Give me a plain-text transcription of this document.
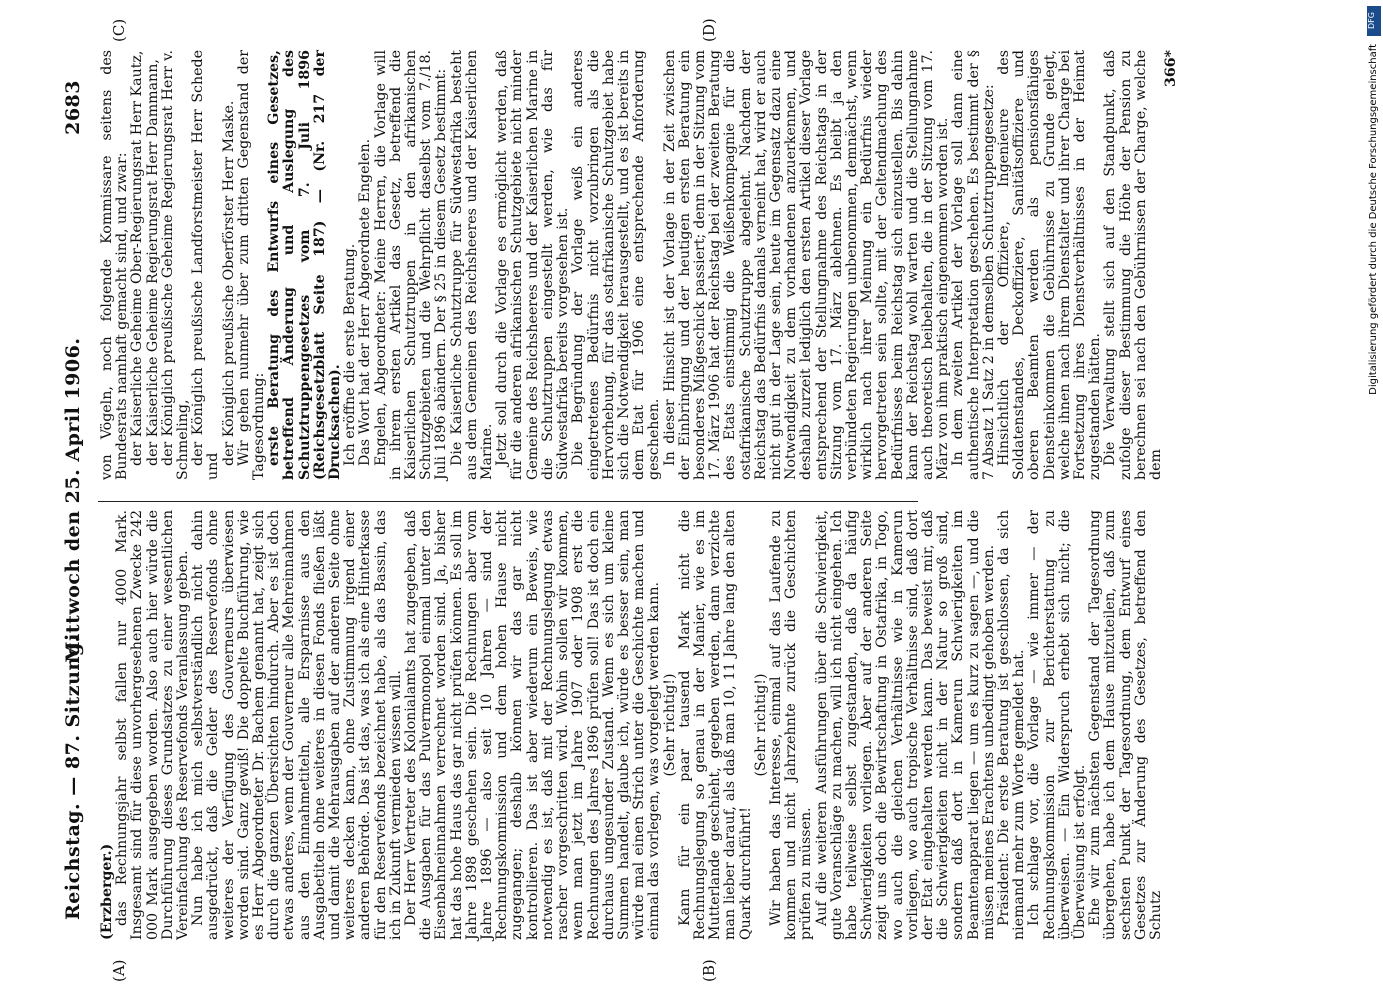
Reichstag. — 87. Sitzung.
Mittwoch den 25. April 1906.
2683
(A)	(B)
(C)	(D)

(Erzberger.) das Rechnungsjahr selbst fallen nur 4000 Mark. Insgesamt sind für diese unvorhergesehenen Zwecke 242 000 Mark ausgegeben worden. Also auch hier würde die Durchführung dieses Grundsatzes zu einer wesentlichen Vereinfachung des Reservefonds Veranlassung geben. Nun habe ich mich selbstverständlich nicht dahin ausgedrückt, daß die Gelder des Reservefonds ohne weiteres der Verfügung des Gouverneurs überwiesen worden sind. Ganz gewiß! Die doppelte Buchführung, wie es Herr Abgeordneter Dr. Bachem genannt hat, zeigt sich durch die ganzen Übersichten hindurch. Aber es ist doch etwas anderes, wenn der Gouverneur alle Mehreinnahmen aus den Einnahmetiteln, alle Ersparnisse aus den Ausgabetiteln ohne weiteres in diesen Fonds fließen läßt und damit die Mehrausgaben auf der anderen Seite ohne weiteres decken kann, ohne Zustimmung irgend einer anderen Behörde. Das ist das, was ich als eine Hinterkasse für den Reservefonds bezeichnet habe, als das Bassin, das ich in Zukunft vermieden wissen will. Der Herr Vertreter des Kolonialamts hat zugegeben, daß die Ausgaben für das Pulvermonopol einmal unter den Eisenbahneinnahmen verrechnet worden sind. Ja, bisher hat das hohe Haus das gar nicht prüfen können. Es soll im Jahre 1898 geschehen sein. Die Rechnungen aber vom Jahre 1896 — also seit 10 Jahren — sind der Rechnungskommission und dem hohen Hause nicht zugegangen; deshalb können wir das gar nicht kontrollieren. Das ist aber wiederum ein Beweis, wie notwendig es ist, daß mit der Rechnungslegung etwas rascher vorgeschritten wird. Wohin sollen wir kommen, wenn man jetzt im Jahre 1907 oder 1908 erst die Rechnungen des Jahres 1896 prüfen soll! Das ist doch ein durchaus ungesunder Zustand. Wenn es sich um kleine Summen handelt, glaube ich, würde es besser sein, man würde mal einen Strich unter die Geschichte machen und einmal das vorlegen, was vorgelegt werden kann. (Sehr richtig!) Kann für ein paar tausend Mark nicht die Rechnungslegung so genau in der Manier, wie es im Mutterlande geschieht, gegeben werden, dann verzichte man lieber darauf, als daß man 10, 11 Jahre lang den alten Quark durchführt!

(Sehr richtig!) Wir haben das Interesse, einmal auf das Laufende zu kommen und nicht Jahrzehnte zurück die Geschichten prüfen zu müssen. Auf die weiteren Ausführungen über die Schwierigkeit, gute Voranschläge zu machen, will ich nicht eingehen. Ich habe teilweise selbst zugestanden, daß da häufig Schwierigkeiten vorliegen. Aber auf der anderen Seite zeigt uns doch die Bewirtschaftung in Ostafrika, in Togo, wo auch die gleichen Verhältnisse wie in Kamerun vorliegen, wo auch tropische Verhältnisse sind, daß dort der Etat eingehalten werden kann. Das beweist mir, daß die Schwierigkeiten nicht in der Natur so groß sind, sondern daß dort in Kamerun Schwierigkeiten im Beamtenapparat liegen — um es kurz zu sagen —, und die müssen meines Erachtens unbedingt gehoben werden. Präsident: Die erste Beratung ist geschlossen, da sich niemand mehr zum Worte gemeldet hat. Ich schlage vor, die Vorlage — wie immer — der Rechnungskommission zur Berichterstattung zu überweisen. — Ein Widerspruch erhebt sich nicht; die Überweisung ist erfolgt. Ehe wir zum nächsten Gegenstand der Tagesordnung übergehen, habe ich dem Hause mitzuteilen, daß zum sechsten Punkt der Tagesordnung, dem Entwurf eines Gesetzes zur Änderung des Gesetzes, betreffend den Schutz

von Vögeln, noch folgende Kommissare seitens des Bundesrats namhaft gemacht sind, und zwar: der Kaiserliche Geheime Ober-Regierungsrat Herr Kautz, der Kaiserliche Geheime Regierungsrat Herr Dammann, der Königlich preußische Geheime Regierungsrat Herr v. Schmeling, der Königlich preußische Landforstmeister Herr Schede und

der Königlich preußische Oberförster Herr Maske. Wir gehen nunmehr über zum dritten Gegenstand der Tagesordnung: erste Beratung des Entwurfs eines Gesetzes, betreffend Änderung und Auslegung des Schutztruppengesetzes vom 7. Juli 1896 (Reichsgesetzblatt Seite 187) — (Nr. 217 der Drucksachen). Ich eröffne die erste Beratung. Das Wort hat der Herr Abgeordnete Engelen. Engelen, Abgeordneter: Meine Herren, die Vorlage will in ihrem ersten Artikel das Gesetz, betreffend die Kaiserlichen Schutztruppen in den afrikanischen Schutzgebieten und die Wehrpflicht daselbst vom 7./18. Juli 1896 abändern. Der § 25 in diesem Gesetz bestimmt: Die Kaiserliche Schutztruppe für Südwestafrika besteht aus dem Gemeinen des Reichsheeres und der Kaiserlichen Marine. Jetzt soll durch die Vorlage es ermöglicht werden, daß für die anderen afrikanischen Schutzgebiete nicht minder Gemeine des Reichsheeres und der Kaiserlichen Marine in die Schutztruppen eingestellt werden, wie das für Südwestafrika bereits vorgesehen ist. Die Begründung der Vorlage weiß ein anderes eingetretenes Bedürfnis nicht vorzubringen als die Hervorhebung, für das ostafrikanische Schutzgebiet habe sich die Notwendigkeit herausgestellt, und es ist bereits in dem Etat für 1906 eine entsprechende Anforderung geschehen. In dieser Hinsicht ist der Vorlage in der Zeit zwischen der Einbringung und der heutigen ersten Beratung ein besonderes Mißgeschick passiert; denn in der Sitzung vom 17. März 1906 hat der Reichstag bei der zweiten Beratung des Etats einstimmig die Weißenkompagnie für die ostafrikanische Schutztruppe abgelehnt. Nachdem der Reichstag das Bedürfnis damals verneint hat, wird er auch nicht gut in der Lage sein, heute im Gegensatz dazu eine Notwendigkeit zu dem vorhandenen anzuerkennen, und deshalb zurzeit lediglich den ersten Artikel dieser Vorlage entsprechend der Stellungnahme des Reichstags in der Sitzung vom 17. März ablehnen. Es bleibt ja den verbündeten Regierungen unbenommen, demnächst, wenn wirklich nach ihrer Meinung ein Bedürfnis wieder hervorgetreten sein sollte, mit der Geltendmachung des Bedürfnisses beim Reichstag sich einzustellen. Bis dahin kann der Reichstag wohl warten und die Stellungnahme auch theoretisch beibehalten, die in der Sitzung vom 17. März von ihm praktisch eingenommen worden ist. In dem zweiten Artikel der Vorlage soll dann eine authentische Interpretation geschehen. Es bestimmt der § 7 Absatz 1 Satz 2 in demselben Schutztruppengesetze: Hinsichtlich der Offiziere, Ingenieure des Soldatenstandes, Deckoffiziere, Sanitätsoffiziere und oberen Beamten werden als pensionsfähiges Diensteinkommen die Gebührnisse zu Grunde gelegt, welche ihnen nach ihrem Dienstalter und ihrer Charge bei Fortsetzung ihres Dienstverhältnisses in der Heimat zugestanden hätten. Die Verwaltung stellt sich auf den Standpunkt, daß zufolge dieser Bestimmung die Höhe der Pension zu berechnen sei nach den Gebührnissen der Charge, welche dem

366*

DFG
Digitalisierung gefördert durch die Deutsche Forschungsgemeinschaft
